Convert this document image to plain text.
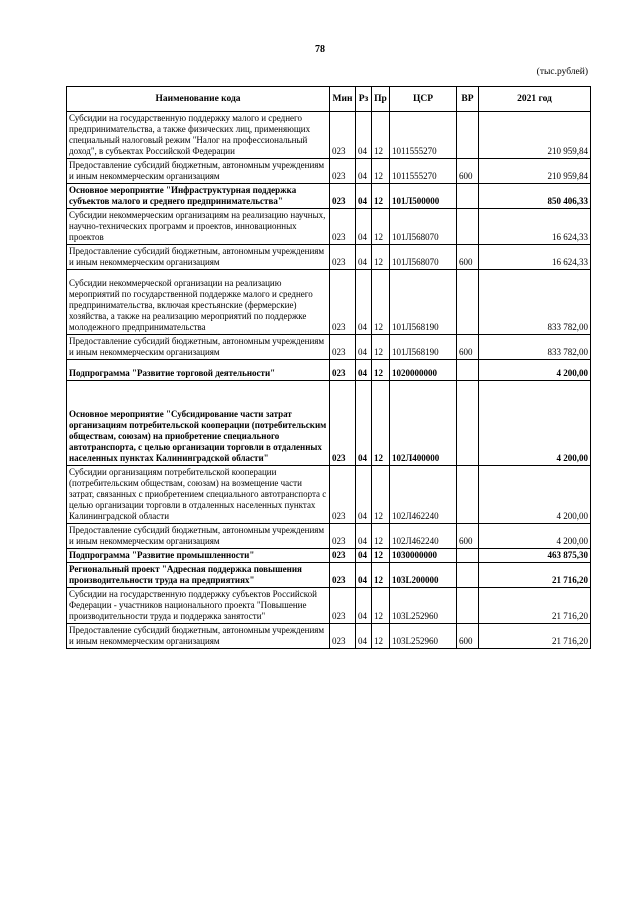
78
(тыс.рублей)
Наименование кода	Мин	Рз	Пр	ЦСР	ВР	2021 год
Субсидии на государственную поддержку малого и среднего предпринимательства, а также физических лиц, применяющих специальный налоговый режим "Налог на профессиональный доход", в субъектах Российской Федерации	023	04	12	1011555270		210 959,84
Предоставление субсидий бюджетным, автономным учреждениям и иным некоммерческим организациям	023	04	12	1011555270	600	210 959,84
Основное мероприятие "Инфраструктурная поддержка субъектов малого и среднего предпринимательства"	023	04	12	101Л500000		850 406,33
Субсидии некоммерческим организациям на реализацию научных, научно-технических программ и проектов, инновационных проектов	023	04	12	101Л568070		16 624,33
Предоставление субсидий бюджетным, автономным учреждениям и иным некоммерческим организациям	023	04	12	101Л568070	600	16 624,33
Субсидии некоммерческой организации на реализацию мероприятий по государственной поддержке малого и среднего предпринимательства, включая крестьянские (фермерские) хозяйства, а также на реализацию мероприятий по поддержке молодежного предпринимательства	023	04	12	101Л568190		833 782,00
Предоставление субсидий бюджетным, автономным учреждениям и иным некоммерческим организациям	023	04	12	101Л568190	600	833 782,00
Подпрограмма "Развитие торговой деятельности"	023	04	12	1020000000		4 200,00
Основное мероприятие "Субсидирование части затрат организациям потребительской кооперации (потребительским обществам, союзам) на приобретение специального автотранспорта, с целью организации торговли в отдаленных населенных пунктах Калининградской области"	023	04	12	102Л400000		4 200,00
Субсидии организациям потребительской кооперации (потребительским обществам, союзам) на возмещение части затрат, связанных с приобретением специального автотранспорта с целью организации торговли в отдаленных населенных пунктах Калининградской области	023	04	12	102Л462240		4 200,00
Предоставление субсидий бюджетным, автономным учреждениям и иным некоммерческим организациям	023	04	12	102Л462240	600	4 200,00
Подпрограмма "Развитие промышленности"	023	04	12	1030000000		463 875,30
Региональный проект "Адресная поддержка повышения производительности труда на предприятиях"	023	04	12	103L200000		21 716,20
Субсидии на государственную поддержку субъектов Российской Федерации - участников национального проекта "Повышение производительности труда и поддержка занятости"	023	04	12	103L252960		21 716,20
Предоставление субсидий бюджетным, автономным учреждениям и иным некоммерческим организациям	023	04	12	103L252960	600	21 716,20
